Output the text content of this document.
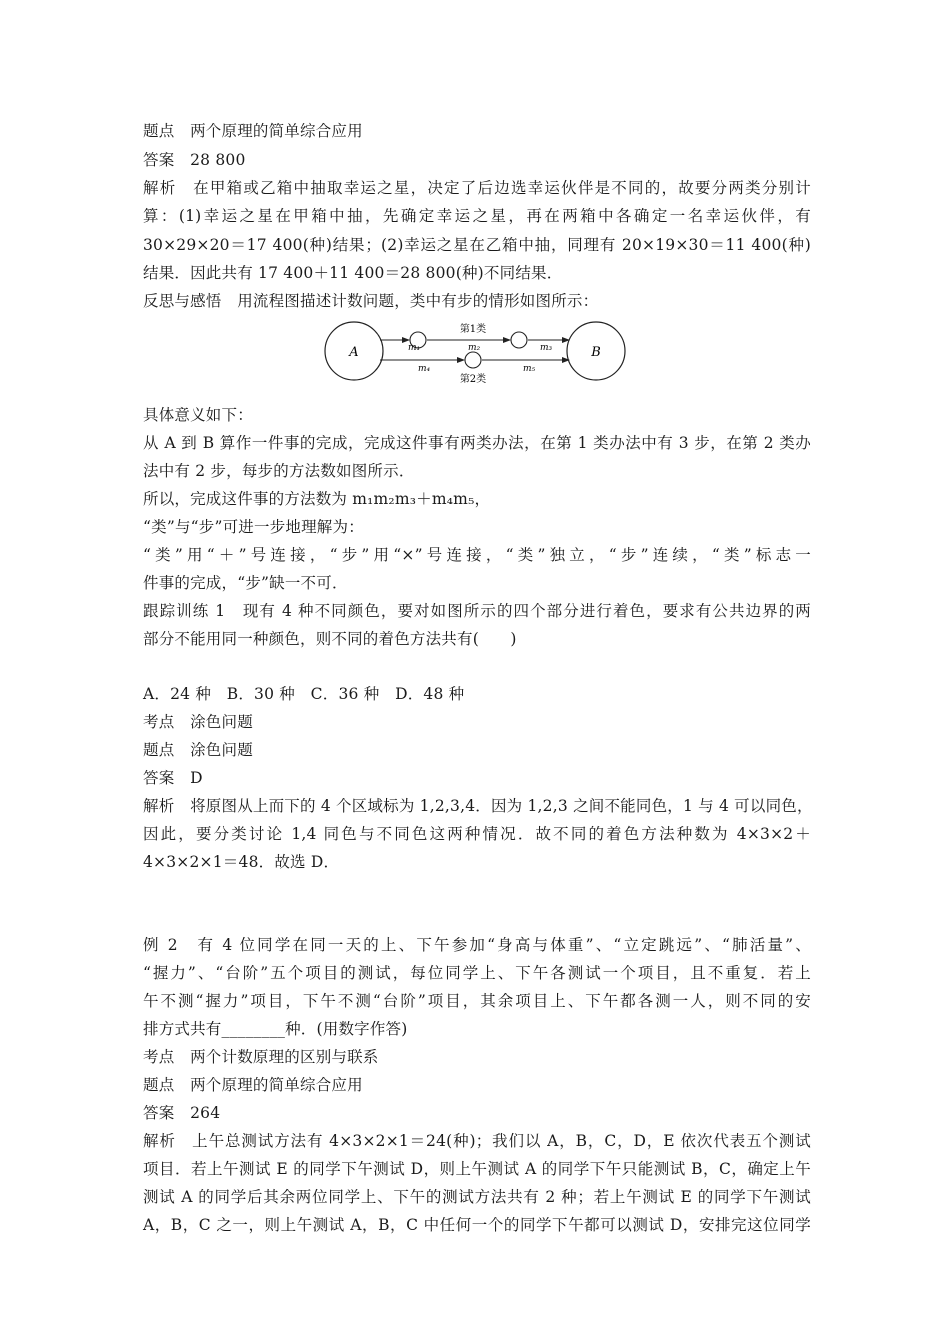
题点　两个原理的简单综合应用
答案　28 800
解析　在甲箱或乙箱中抽取幸运之星，决定了后边选幸运伙伴是不同的，故要分两类分别计
算：(1)幸运之星在甲箱中抽，先确定幸运之星，再在两箱中各确定一名幸运伙伴，有
30×29×20＝17 400(种)结果；(2)幸运之星在乙箱中抽，同理有 20×19×30＝11 400(种)
结果．因此共有 17 400＋11 400＝28 800(种)不同结果．
反思与感悟　用流程图描述计数问题，类中有步的情形如图所示：
A	B
第1类
第2类
m₁	m₂	m₃
m₄	m₅
具体意义如下：
从 A 到 B 算作一件事的完成，完成这件事有两类办法，在第 1 类办法中有 3 步，在第 2 类办
法中有 2 步，每步的方法数如图所示．
所以，完成这件事的方法数为 m₁m₂m₃＋m₄m₅，
“类”与“步”可进一步地理解为：
“类”用“＋”号连接，“步”用“×”号连接，“类”独立，“步”连续，“类”标志一
件事的完成，“步”缺一不可．
跟踪训练 1　现有 4 种不同颜色，要对如图所示的四个部分进行着色，要求有公共边界的两
部分不能用同一种颜色，则不同的着色方法共有(　　)
A．24 种　B．30 种　C．36 种　D．48 种
考点　涂色问题
题点　涂色问题
答案　D
解析　将原图从上而下的 4 个区域标为 1,2,3,4．因为 1,2,3 之间不能同色，1 与 4 可以同色，
因此，要分类讨论 1,4 同色与不同色这两种情况．故不同的着色方法种数为 4×3×2＋
4×3×2×1＝48．故选 D．
例 2　有 4 位同学在同一天的上、下午参加“身高与体重”、“立定跳远”、“肺活量”、
“握力”、“台阶”五个项目的测试，每位同学上、下午各测试一个项目，且不重复．若上
午不测“握力”项目，下午不测“台阶”项目，其余项目上、下午都各测一人，则不同的安
排方式共有________种．(用数字作答)
考点　两个计数原理的区别与联系
题点　两个原理的简单综合应用
答案　264
解析　上午总测试方法有 4×3×2×1＝24(种)；我们以 A，B，C，D，E 依次代表五个测试
项目．若上午测试 E 的同学下午测试 D，则上午测试 A 的同学下午只能测试 B，C，确定上午
测试 A 的同学后其余两位同学上、下午的测试方法共有 2 种；若上午测试 E 的同学下午测试
A，B，C 之一，则上午测试 A，B，C 中任何一个的同学下午都可以测试 D，安排完这位同学
